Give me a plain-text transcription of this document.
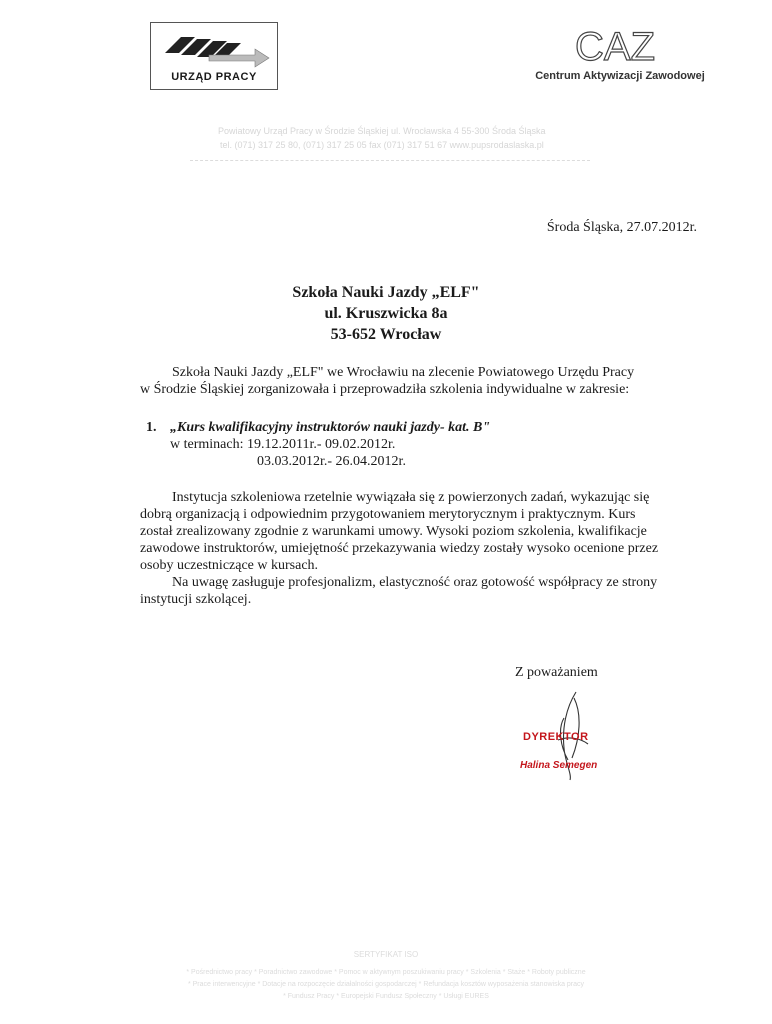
URZĄD PRACY
CAZ
Centrum Aktywizacji Zawodowej
Powiatowy Urząd Pracy w Środzie Śląskiej ul. Wrocławska 4 55-300 Środa Śląska
tel. (071) 317 25 80, (071) 317 25 05 fax (071) 317 51 67 www.pupsrodaslaska.pl
Środa Śląska, 27.07.2012r.
Szkoła Nauki Jazdy „ELF"
ul. Kruszwicka 8a
53-652 Wrocław
Szkoła Nauki Jazdy „ELF" we Wrocławiu na zlecenie Powiatowego Urzędu Pracy
w Środzie Śląskiej zorganizowała i przeprowadziła szkolenia indywidualne w zakresie:
1. „Kurs kwalifikacyjny instruktorów nauki jazdy- kat. B"
w terminach: 19.12.2011r.- 09.02.2012r.
03.03.2012r.- 26.04.2012r.
Instytucja szkoleniowa rzetelnie wywiązała się z powierzonych zadań, wykazując się
dobrą organizacją i odpowiednim przygotowaniem merytorycznym i praktycznym. Kurs
został zrealizowany zgodnie z warunkami umowy. Wysoki poziom szkolenia, kwalifikacje
zawodowe instruktorów, umiejętność przekazywania wiedzy zostały wysoko ocenione przez
osoby uczestniczące w kursach.
Na uwagę zasługuje profesjonalizm, elastyczność oraz gotowość współpracy ze strony
instytucji szkolącej.
Z poważaniem
DYREKTOR
Halina Semegen
SERTYFIKAT ISO
* Pośrednictwo pracy * Poradnictwo zawodowe * Pomoc w aktywnym poszukiwaniu pracy * Szkolenia * Staże * Roboty publiczne
* Prace interwencyjne * Dotacje na rozpoczęcie działalności gospodarczej * Refundacja kosztów wyposażenia stanowiska pracy
* Fundusz Pracy * Europejski Fundusz Społeczny * Usługi EURES
